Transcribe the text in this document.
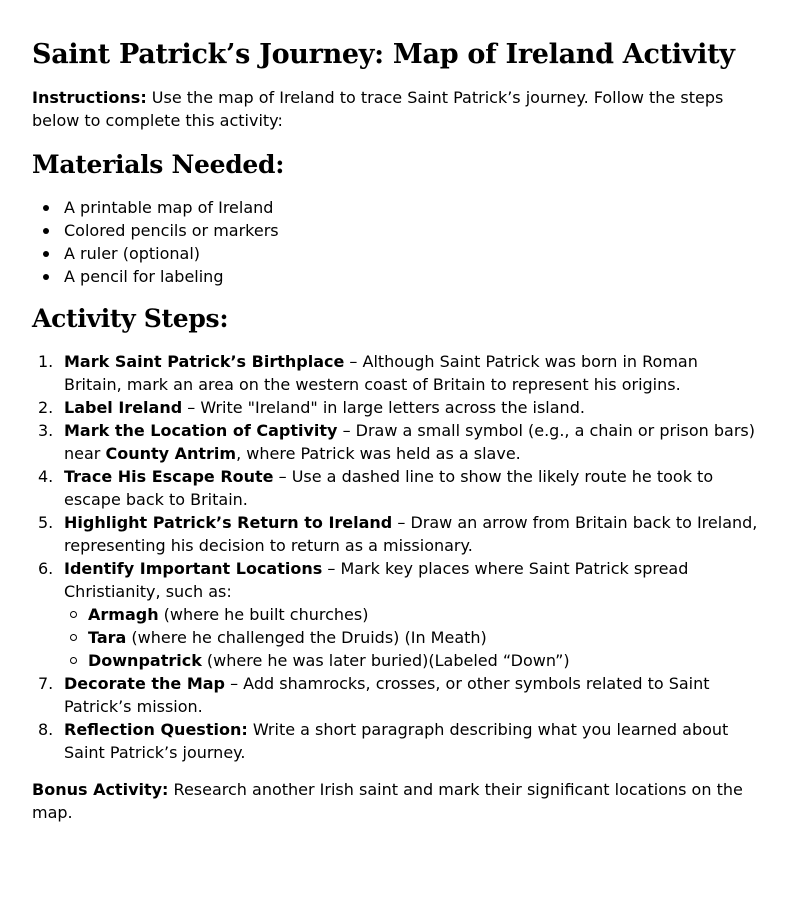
Saint Patrick’s Journey: Map of Ireland Activity

Instructions: Use the map of Ireland to trace Saint Patrick’s journey. Follow the steps below to complete this activity:

Materials Needed:
A printable map of Ireland
Colored pencils or markers
A ruler (optional)
A pencil for labeling
Activity Steps:
1. Mark Saint Patrick’s Birthplace – Although Saint Patrick was born in Roman Britain, mark an area on the western coast of Britain to represent his origins.
2. Label Ireland – Write "Ireland" in large letters across the island.
3. Mark the Location of Captivity – Draw a small symbol (e.g., a chain or prison bars) near County Antrim, where Patrick was held as a slave.
4. Trace His Escape Route – Use a dashed line to show the likely route he took to escape back to Britain.
5. Highlight Patrick’s Return to Ireland – Draw an arrow from Britain back to Ireland, representing his decision to return as a missionary.
6. Identify Important Locations – Mark key places where Saint Patrick spread Christianity, such as:
Armagh (where he built churches)
Tara (where he challenged the Druids) (In Meath)
Downpatrick (where he was later buried)(Labeled “Down”)
7. Decorate the Map – Add shamrocks, crosses, or other symbols related to Saint Patrick’s mission.
8. Reflection Question: Write a short paragraph describing what you learned about Saint Patrick’s journey.

Bonus Activity: Research another Irish saint and mark their significant locations on the map.
